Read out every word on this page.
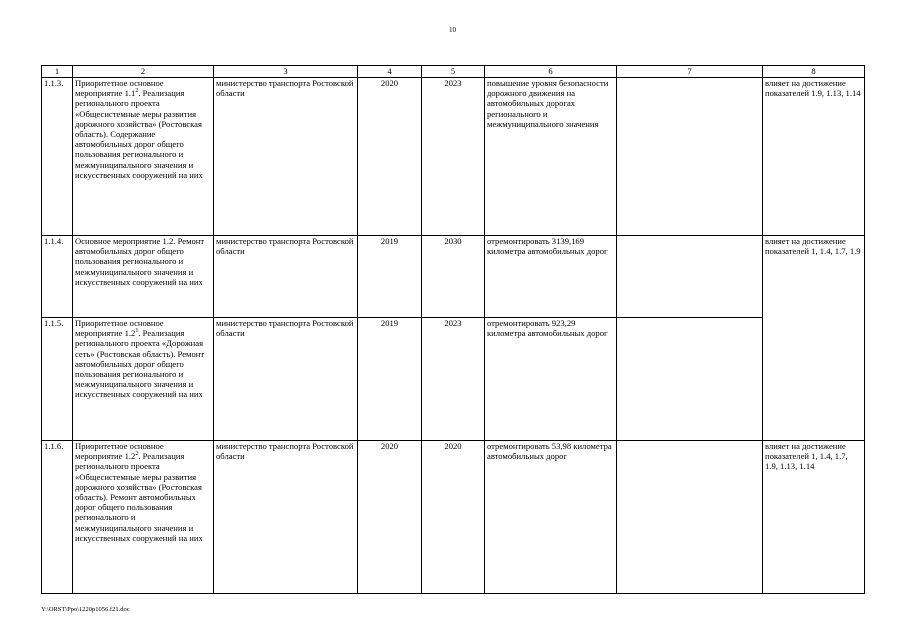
10
1	2	3	4	5	6	7	8
1.1.3.	Приоритетное основное мероприятие $1.1^2$. Реализация регионального проекта «Общесистемные меры развития дорожного хозяйства» (Ростовская область). Содержание автомобильных дорог общего пользования регионального и межмуниципального значения и искусственных сооружений на них	министерство транспорта Ростовской области	2020	2023	повышение уровня безопасности дорожного движения на автомобильных дорогах регионального и межмуниципального значения		влияет на достижение показателей 1.9, 1.13, 1.14
1.1.4.	Основное мероприятие 1.2. Ремонт автомобильных дорог общего пользования регионального и межмуниципального значения и искусственных сооружений на них	министерство транспорта Ростовской области	2019	2030	отремонтировать 3139,169 километра автомобильных дорог		влияет на достижение показателей 1, 1.4, 1.7, 1.9
1.1.5.	Приоритетное основное мероприятие $1.2^1$. Реализация регионального проекта «Дорожная сеть» (Ростовская область). Ремонт автомобильных дорог общего пользования регионального и межмуниципального значения и искусственных сооружений на них	министерство транспорта Ростовской области	2019	2023	отремонтировать 923,29 километра автомобильных дорог		
1.1.6.	Приоритетное основное мероприятие $1.2^2$. Реализация регионального проекта «Общесистемные меры развития дорожного хозяйства» (Ростовская область). Ремонт автомобильных дорог общего пользования регионального и межмуниципального значения и искусственных сооружений на них	министерство транспорта Ростовской области	2020	2020	отремонтировать 53,98 километра автомобильных дорог		влияет на достижение показателей 1, 1.4, 1.7, 1.9, 1.13, 1.14
Y:\ORST\Ppo\1220p1056.f21.doc
